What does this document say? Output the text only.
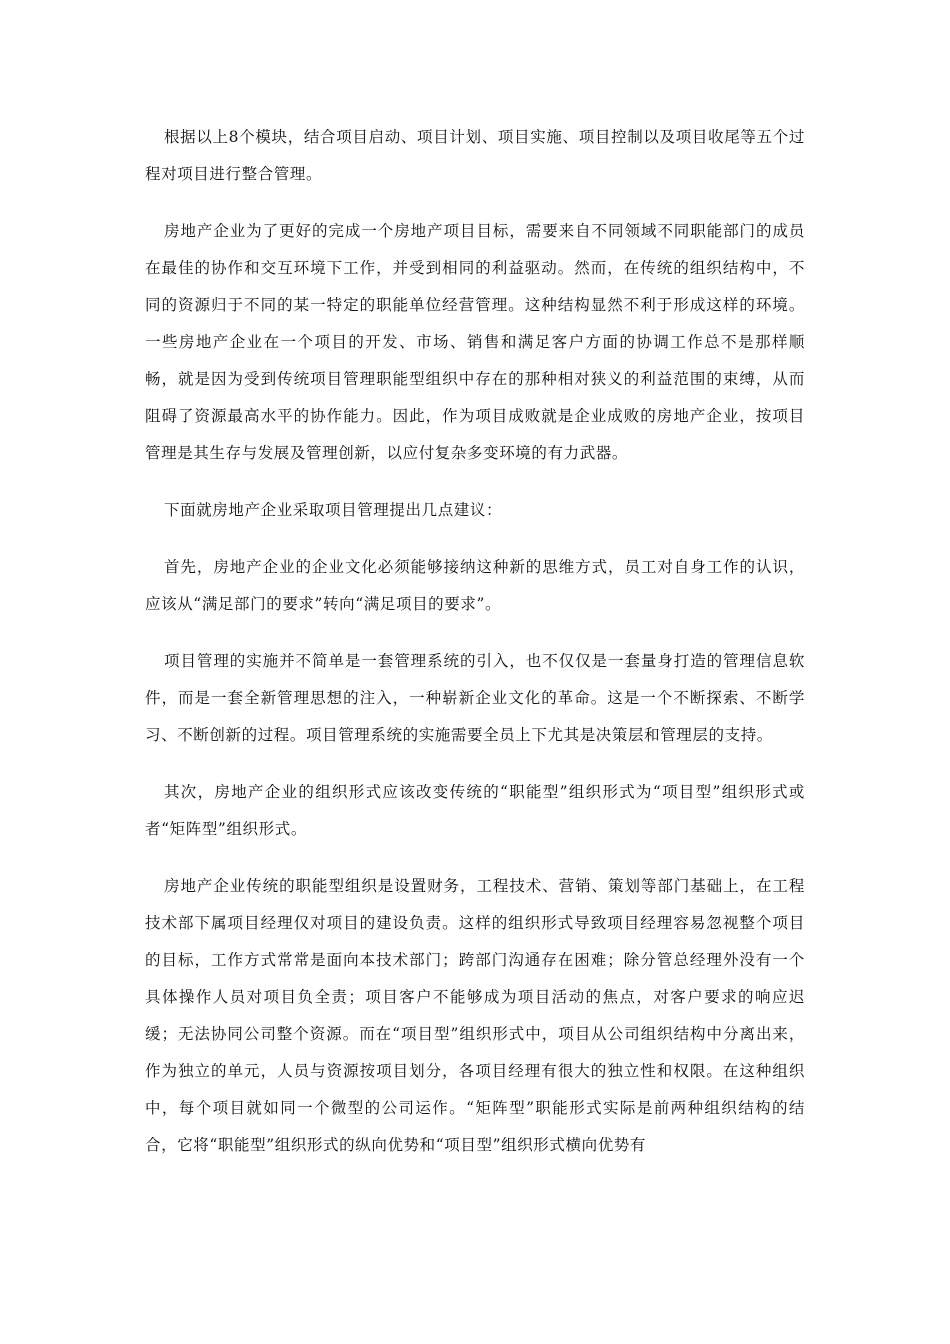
根据以上8个模块，结合项目启动、项目计划、项目实施、项目控制以及项目收尾等五个过程对项目进行整合管理。

房地产企业为了更好的完成一个房地产项目目标，需要来自不同领域不同职能部门的成员在最佳的协作和交互环境下工作，并受到相同的利益驱动。然而，在传统的组织结构中，不同的资源归于不同的某一特定的职能单位经营管理。这种结构显然不利于形成这样的环境。一些房地产企业在一个项目的开发、市场、销售和满足客户方面的协调工作总不是那样顺畅，就是因为受到传统项目管理职能型组织中存在的那种相对狭义的利益范围的束缚，从而阻碍了资源最高水平的协作能力。因此，作为项目成败就是企业成败的房地产企业，按项目管理是其生存与发展及管理创新，以应付复杂多变环境的有力武器。

下面就房地产企业采取项目管理提出几点建议：

首先，房地产企业的企业文化必须能够接纳这种新的思维方式，员工对自身工作的认识，应该从“满足部门的要求”转向“满足项目的要求”。

项目管理的实施并不简单是一套管理系统的引入，也不仅仅是一套量身打造的管理信息软件，而是一套全新管理思想的注入，一种崭新企业文化的革命。这是一个不断探索、不断学习、不断创新的过程。项目管理系统的实施需要全员上下尤其是决策层和管理层的支持。

其次，房地产企业的组织形式应该改变传统的“职能型”组织形式为“项目型”组织形式或者“矩阵型”组织形式。

房地产企业传统的职能型组织是设置财务，工程技术、营销、策划等部门基础上，在工程技术部下属项目经理仅对项目的建设负责。这样的组织形式导致项目经理容易忽视整个项目的目标，工作方式常常是面向本技术部门；跨部门沟通存在困难；除分管总经理外没有一个具体操作人员对项目负全责；项目客户不能够成为项目活动的焦点，对客户要求的响应迟缓；无法协同公司整个资源。而在“项目型”组织形式中，项目从公司组织结构中分离出来，作为独立的单元，人员与资源按项目划分，各项目经理有很大的独立性和权限。在这种组织中，每个项目就如同一个微型的公司运作。“矩阵型”职能形式实际是前两种组织结构的结合，它将“职能型”组织形式的纵向优势和“项目型”组织形式横向优势有
